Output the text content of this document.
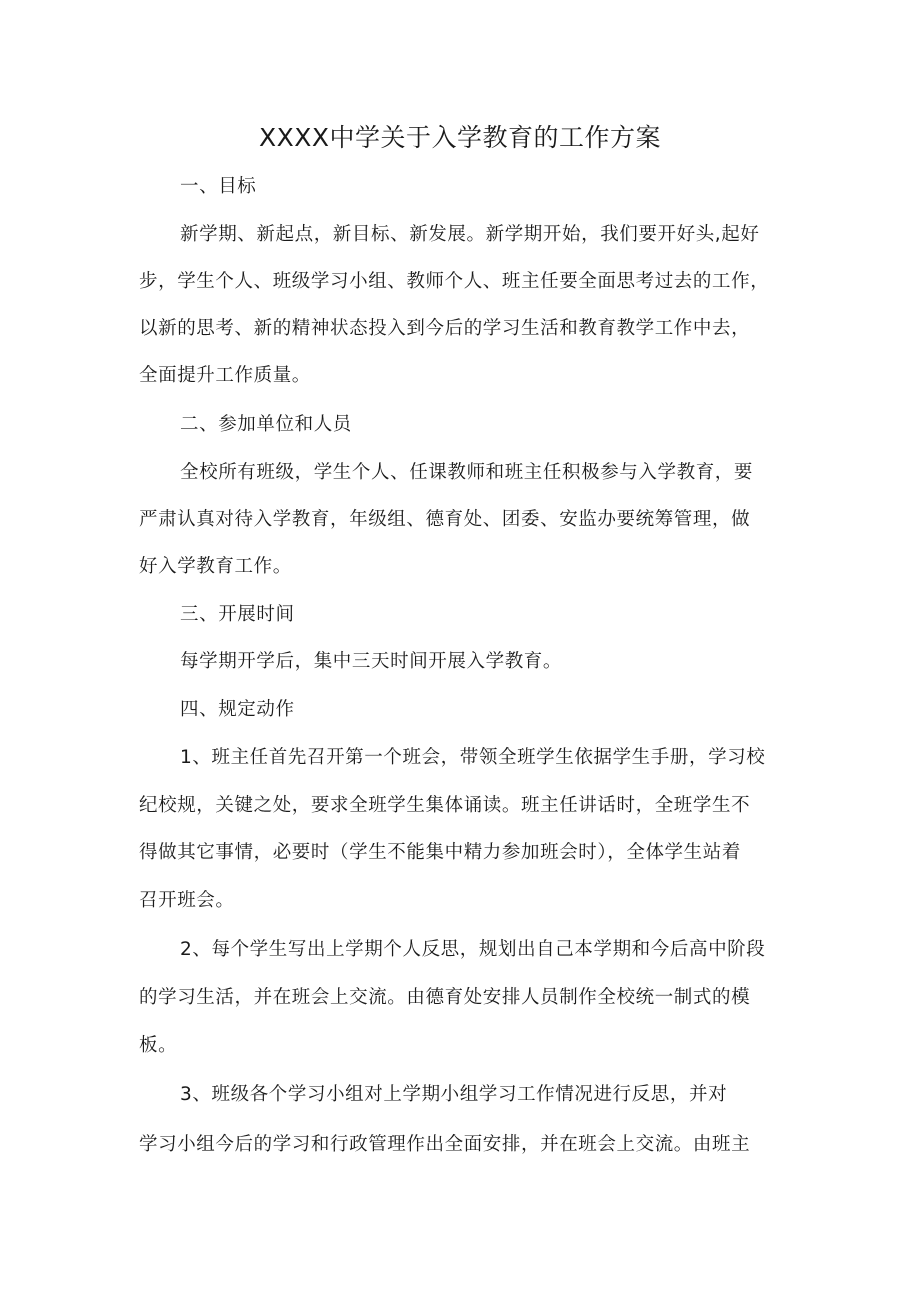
XXXX中学关于入学教育的工作方案
一、目标
新学期、新起点，新目标、新发展。新学期开始，我们要开好头,起好
步，学生个人、班级学习小组、教师个人、班主任要全面思考过去的工作，
以新的思考、新的精神状态投入到今后的学习生活和教育教学工作中去，
全面提升工作质量。
二、参加单位和人员
全校所有班级，学生个人、任课教师和班主任积极参与入学教育，要
严肃认真对待入学教育，年级组、德育处、团委、安监办要统筹管理，做
好入学教育工作。
三、开展时间
每学期开学后，集中三天时间开展入学教育。
四、规定动作
1、班主任首先召开第一个班会，带领全班学生依据学生手册，学习校
纪校规，关键之处，要求全班学生集体诵读。班主任讲话时，全班学生不
得做其它事情，必要时（学生不能集中精力参加班会时），全体学生站着
召开班会。
2、每个学生写出上学期个人反思，规划出自己本学期和今后高中阶段
的学习生活，并在班会上交流。由德育处安排人员制作全校统一制式的模
板。
3、班级各个学习小组对上学期小组学习工作情况进行反思，并对
学习小组今后的学习和行政管理作出全面安排，并在班会上交流。由班主
